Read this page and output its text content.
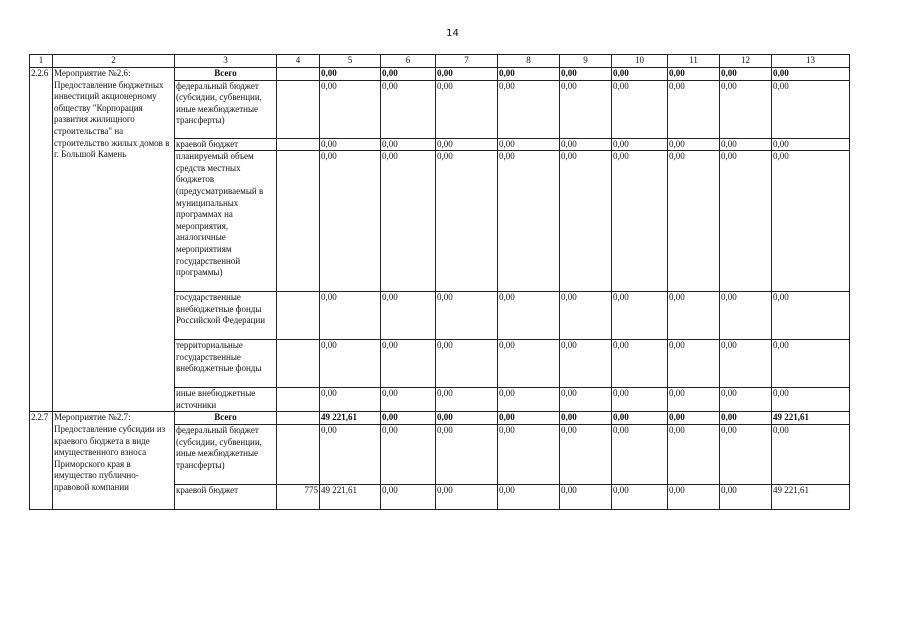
14
1	2	3	4	5	6	7	8	9	10	11	12	13
2.2.6	Мероприятие №2.6: Предоставление бюджетных инвестиций акционерному обществу "Корпорация развития жилищного строительства" на строительство жилых домов в г. Большой Камень	Всего		0,00	0,00	0,00	0,00	0,00	0,00	0,00	0,00	0,00
		федеральный бюджет (субсидии, субвенции, иные межбюджетные трансферты)		0,00	0,00	0,00	0,00	0,00	0,00	0,00	0,00	0,00
		краевой бюджет		0,00	0,00	0,00	0,00	0,00	0,00	0,00	0,00	0,00
		планируемый объем средств местных бюджетов (предусматриваемый в муниципальных программах на мероприятия, аналогичные мероприятиям государственной программы)		0,00	0,00	0,00	0,00	0,00	0,00	0,00	0,00	0,00
		государственные внебюджетные фонды Российской Федерации		0,00	0,00	0,00	0,00	0,00	0,00	0,00	0,00	0,00
		территориальные государственные внебюджетные фонды		0,00	0,00	0,00	0,00	0,00	0,00	0,00	0,00	0,00
		иные внебюджетные источники		0,00	0,00	0,00	0,00	0,00	0,00	0,00	0,00	0,00
2.2.7	Мероприятие №2.7: Предоставление субсидии из краевого бюджета в виде имущественного взноса Приморского края в имущество публично-правовой компании	Всего		49 221,61	0,00	0,00	0,00	0,00	0,00	0,00	0,00	49 221,61
		федеральный бюджет (субсидии, субвенции, иные межбюджетные трансферты)		0,00	0,00	0,00	0,00	0,00	0,00	0,00	0,00	0,00
		краевой бюджет	775	49 221,61	0,00	0,00	0,00	0,00	0,00	0,00	0,00	49 221,61
